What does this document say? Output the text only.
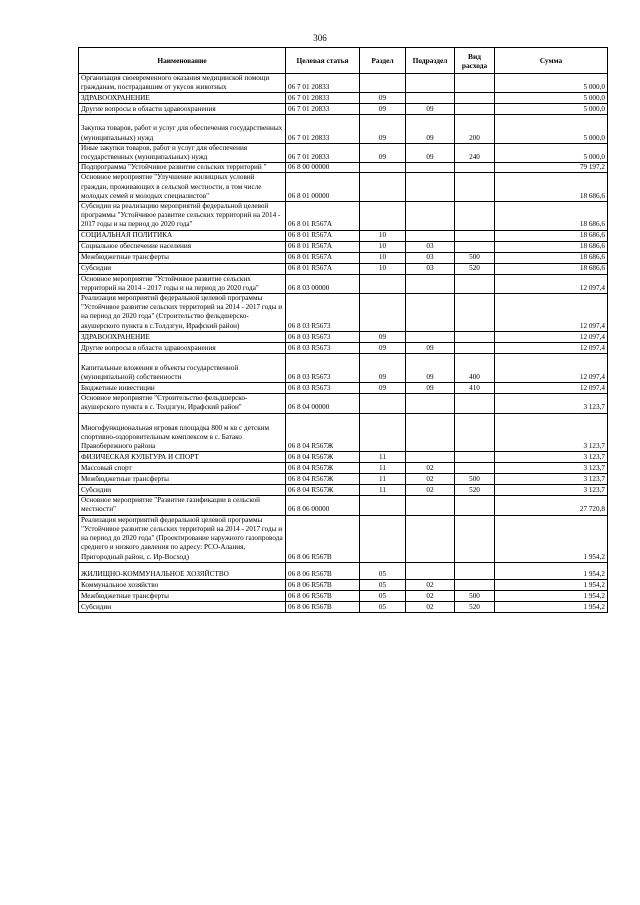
306
Наименование	Целевая статья	Раздел	Подраздел	Вид расхода	Сумма
Организация своевременного оказания медицинской помощи гражданам, пострадавшим от укусов животных	06 7 01 20833				5 000,0
ЗДРАВООХРАНЕНИЕ	06 7 01 20833	09			5 000,0
Другие вопросы в области здравоохранения	06 7 01 20833	09	09		5 000,0
Закупка товаров, работ и услуг для обеспечения государственных (муниципальных) нужд	06 7 01 20833	09	09	200	5 000,0
Иные закупки товаров, работ и услуг для обеспечения государственных (муниципальных) нужд	06 7 01 20833	09	09	240	5 000,0
Подпрограмма "Устойчивое развитие сельских территорий "	06 8 00 00000				79 197,2
Основное мероприятие "Улучшение жилищных условий граждан, проживающих в сельской местности, в том числе молодых семей и молодых специалистов"	06 8 01 00000				18 686,6
Субсидии на реализацию мероприятий федеральной целевой программы "Устойчивое развитие сельских территорий на 2014 - 2017 годы и на период до 2020 года"	06 8 01 R567А				18 686,6
СОЦИАЛЬНАЯ ПОЛИТИКА	06 8 01 R567А	10			18 686,6
Социальное обеспечение населения	06 8 01 R567А	10	03		18 686,6
Межбюджетные трансферты	06 8 01 R567А	10	03	500	18 686,6
Субсидии	06 8 01 R567А	10	03	520	18 686,6
Основное мероприятие "Устойчивое развитие сельских территорий на 2014 - 2017 годы и на период до 2020 года"	06 8 03 00000				12 097,4
Реализация мероприятий федеральной целевой программы "Устойчивое развитие сельских территорий на 2014 - 2017 годы и на период до 2020 года" (Строительство фельдшерско-акушерского пункта в с.Толдзгун, Ирафский район)	06 8 03 R5673				12 097,4
ЗДРАВООХРАНЕНИЕ	06 8 03 R5673	09			12 097,4
Другие вопросы в области здравоохранения	06 8 03 R5673	09	09		12 097,4
Капитальные вложения в объекты государственной (муниципальной) собственности	06 8 03 R5673	09	09	400	12 097,4
Бюджетные инвестиции	06 8 03 R5673	09	09	410	12 097,4
Основное мероприятие "Строительство фельдшерско-акушерского пункта в с. Толдзгун, Ирафский район"	06 8 04 00000				3 123,7
Многофункциональная игровая площадка 800 м кв с детским спортивно-оздоровительным комплексом в с. Батако Правобережного района	06 8 04 R567Ж				3 123,7
ФИЗИЧЕСКАЯ КУЛЬТУРА И СПОРТ	06 8 04 R567Ж	11			3 123,7
Массовый спорт	06 8 04 R567Ж	11	02		3 123,7
Межбюджетные трансферты	06 8 04 R567Ж	11	02	500	3 123,7
Субсидии	06 8 04 R567Ж	11	02	520	3 123,7
Основное мероприятие "Развитие газификации в сельской местности"	06 8 06 00000				27 720,8
Реализация мероприятий федеральной целевой программы "Устойчивое развитие сельских территорий на 2014 - 2017 годы и на период до 2020 года" (Проектирование наружного газопровода среднего и низкого давления по адресу: РСО-Алания, Пригородный район, с. Ир-Восход)	06 8 06 R567В				1 954,2
ЖИЛИЩНО-КОММУНАЛЬНОЕ ХОЗЯЙСТВО	06 8 06 R567В	05			1 954,2
Коммунальное хозяйство	06 8 06 R567В	05	02		1 954,2
Межбюджетные трансферты	06 8 06 R567В	05	02	500	1 954,2
Субсидии	06 8 06 R567В	05	02	520	1 954,2
